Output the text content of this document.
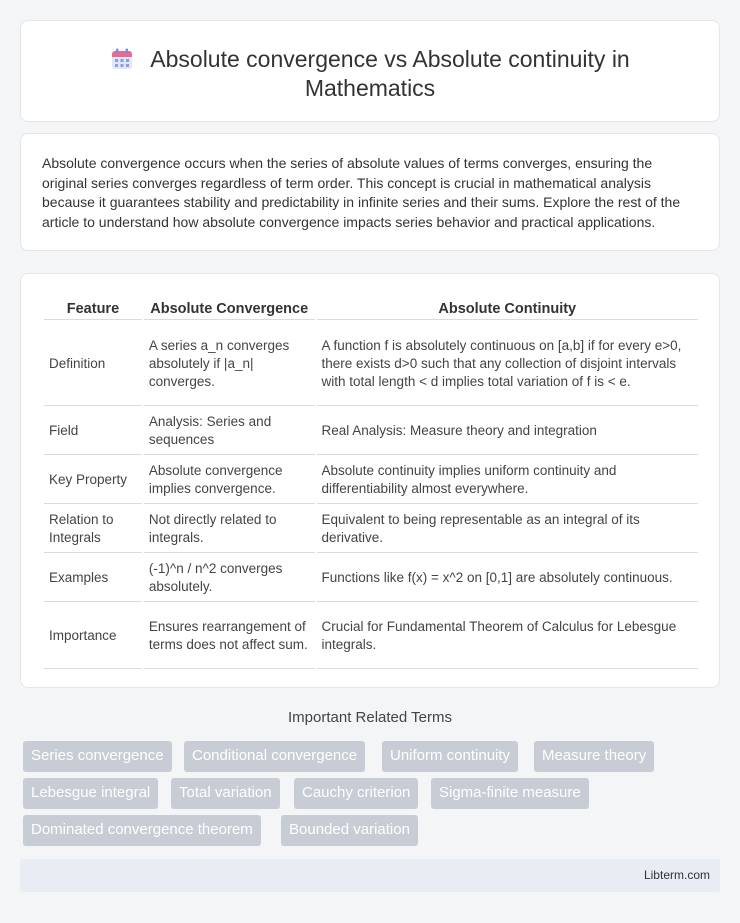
Absolute convergence vs Absolute continuity in
Mathematics

Absolute convergence occurs when the series of absolute values of terms converges, ensuring the original series converges regardless of term order. This concept is crucial in mathematical analysis because it guarantees stability and predictability in infinite series and their sums. Explore the rest of the article to understand how absolute convergence impacts series behavior and practical applications.

Feature	Absolute Convergence	Absolute Continuity
Definition	A series a_n converges absolutely if |a_n| converges.	A function f is absolutely continuous on [a,b] if for every e>0, there exists d>0 such that any collection of disjoint intervals with total length < d implies total variation of f is < e.
Field	Analysis: Series and sequences	Real Analysis: Measure theory and integration
Key Property	Absolute convergence implies convergence.	Absolute continuity implies uniform continuity and differentiability almost everywhere.
Relation to Integrals	Not directly related to integrals.	Equivalent to being representable as an integral of its derivative.
Examples	(-1)^n / n^2 converges absolutely.	Functions like f(x) = x^2 on [0,1] are absolutely continuous.
Importance	Ensures rearrangement of terms does not affect sum.	Crucial for Fundamental Theorem of Calculus for Lebesgue integrals.
Important Related Terms
Series convergence	Conditional convergence	Uniform continuity	Measure theory
Lebesgue integral	Total variation	Cauchy criterion	Sigma-finite measure
Dominated convergence theorem	Bounded variation
Libterm.com
